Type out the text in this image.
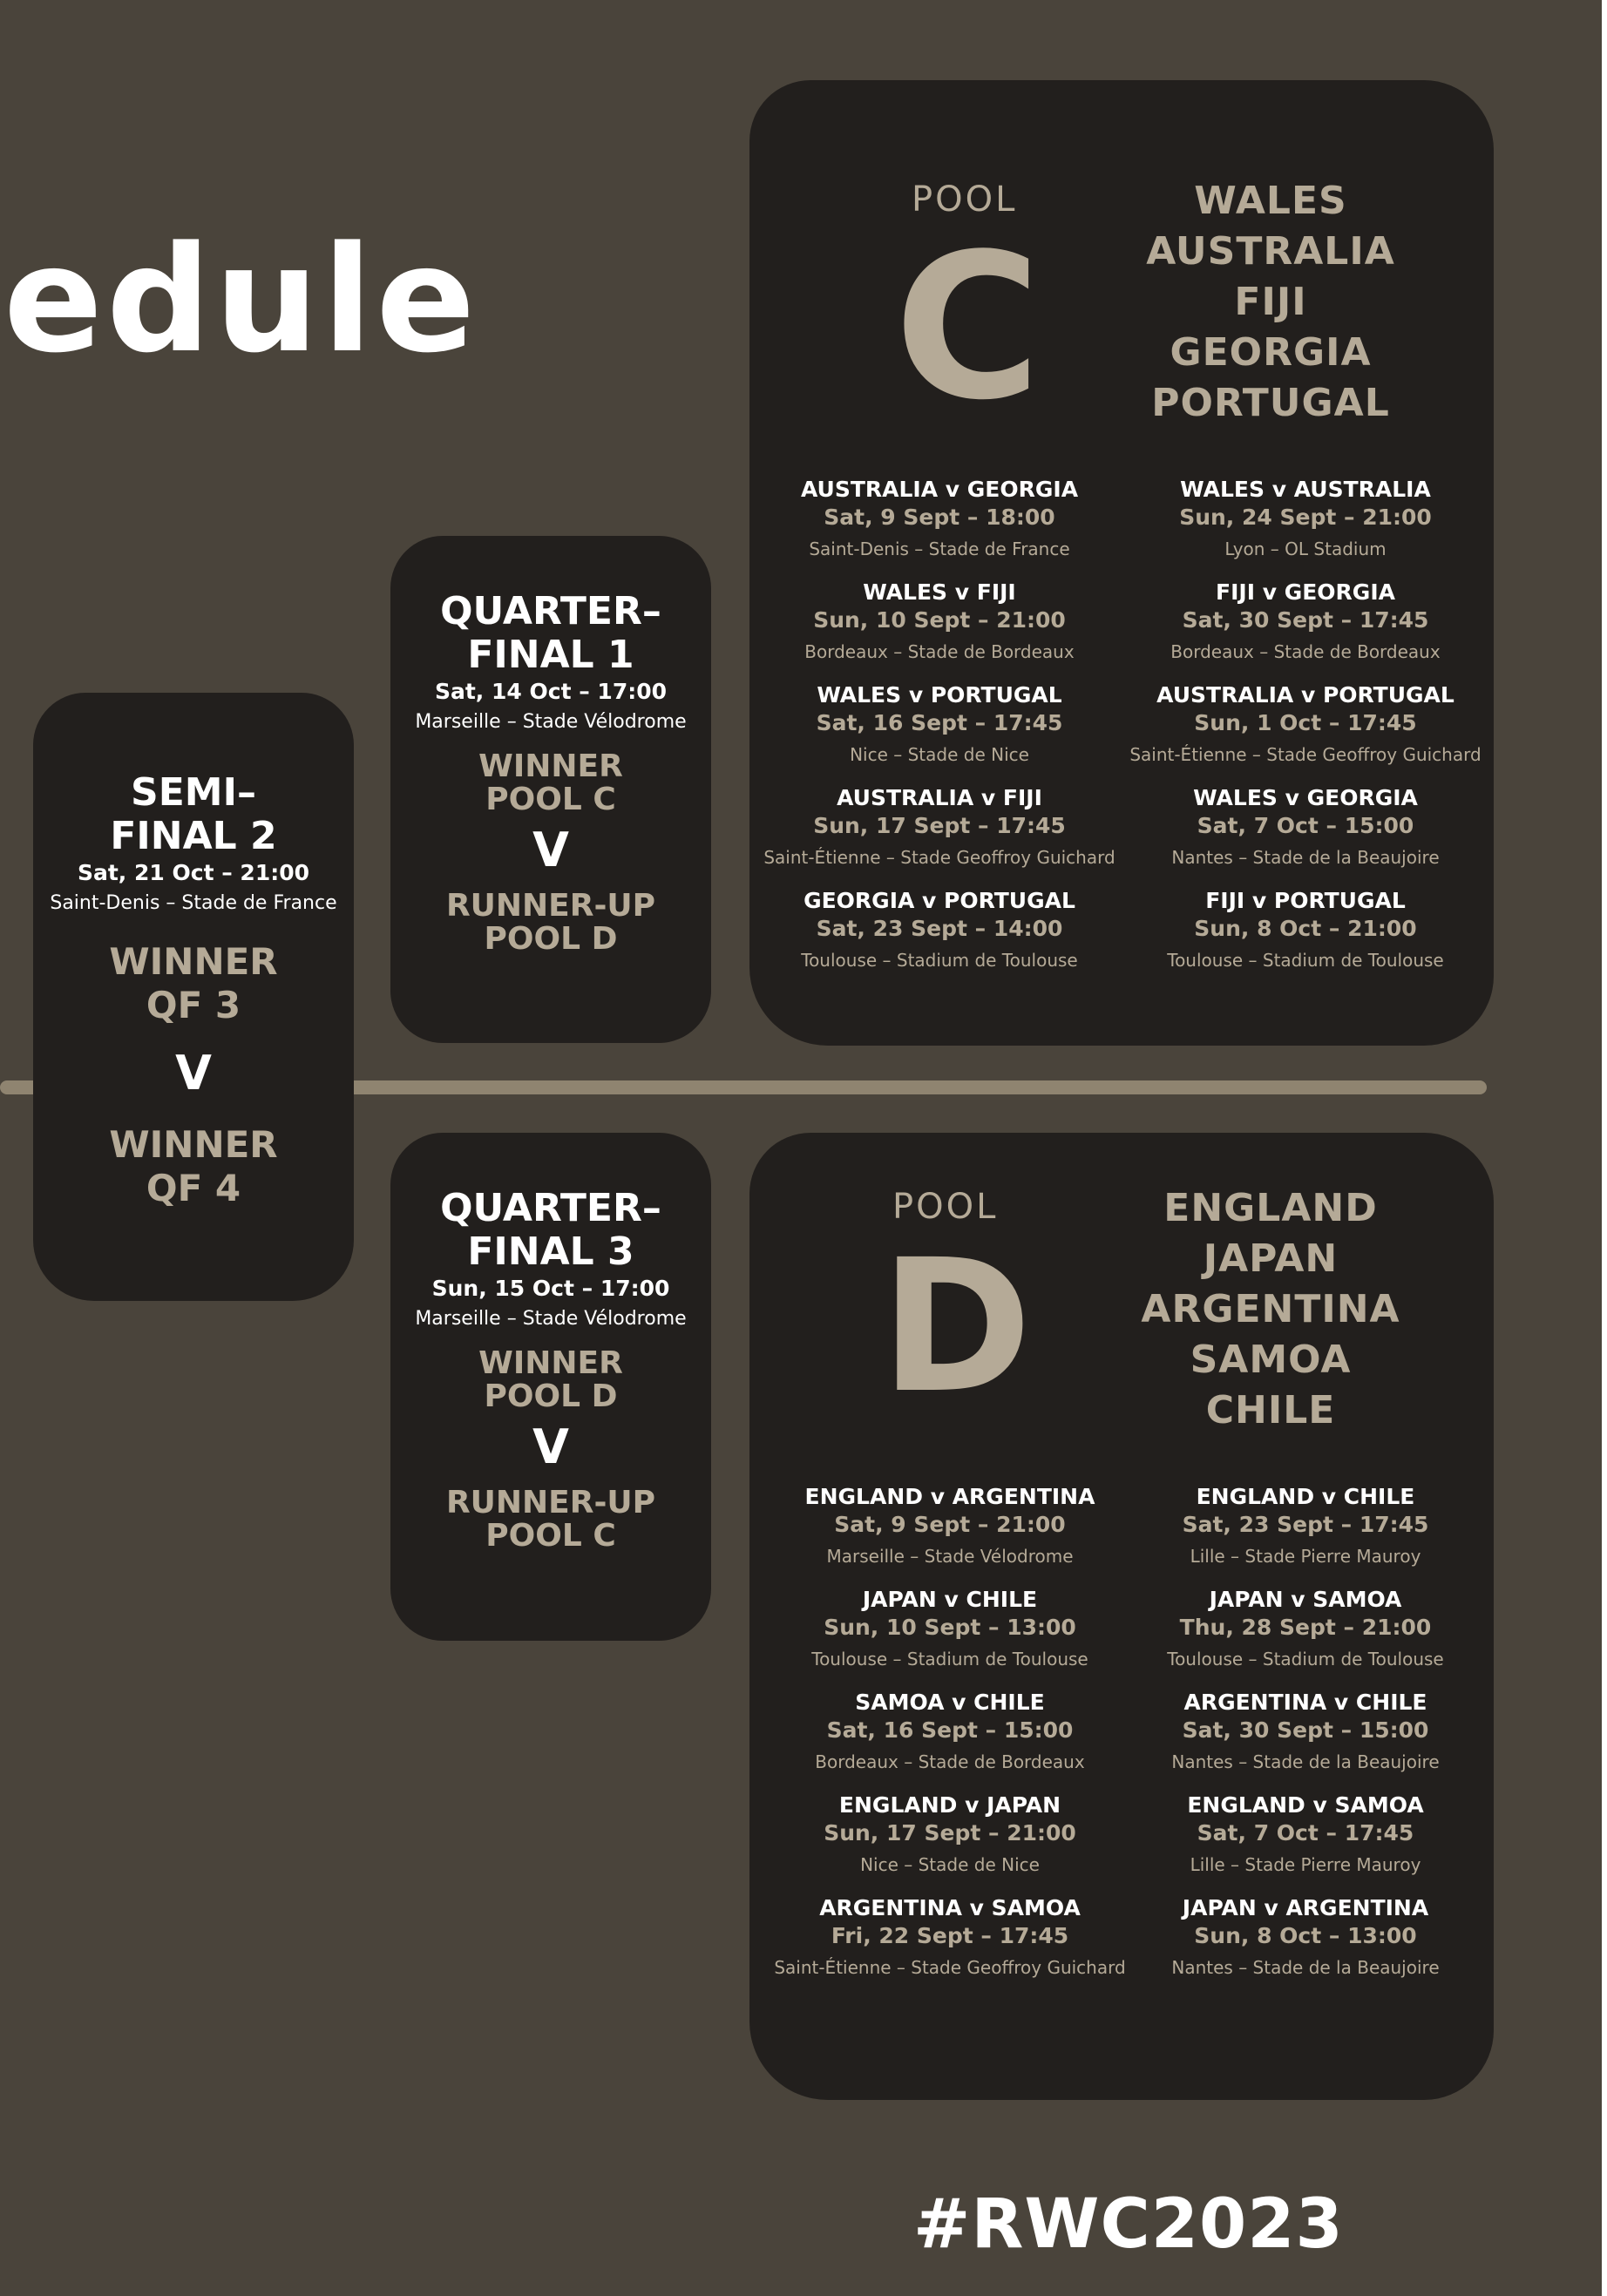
edule
POOL
C
WALES
AUSTRALIA
FIJI
GEORGIA
PORTUGAL
AUSTRALIA v GEORGIA
Sat, 9 Sept – 18:00
Saint-Denis – Stade de France
WALES v FIJI
Sun, 10 Sept – 21:00
Bordeaux – Stade de Bordeaux
WALES v PORTUGAL
Sat, 16 Sept – 17:45
Nice – Stade de Nice
AUSTRALIA v FIJI
Sun, 17 Sept – 17:45
Saint-Étienne – Stade Geoffroy Guichard
GEORGIA v PORTUGAL
Sat, 23 Sept – 14:00
Toulouse – Stadium de Toulouse
WALES v AUSTRALIA
Sun, 24 Sept – 21:00
Lyon – OL Stadium
FIJI v GEORGIA
Sat, 30 Sept – 17:45
Bordeaux – Stade de Bordeaux
AUSTRALIA v PORTUGAL
Sun, 1 Oct – 17:45
Saint-Étienne – Stade Geoffroy Guichard
WALES v GEORGIA
Sat, 7 Oct – 15:00
Nantes – Stade de la Beaujoire
FIJI v PORTUGAL
Sun, 8 Oct – 21:00
Toulouse – Stadium de Toulouse
POOL
D
ENGLAND
JAPAN
ARGENTINA
SAMOA
CHILE
ENGLAND v ARGENTINA
Sat, 9 Sept – 21:00
Marseille – Stade Vélodrome
JAPAN v CHILE
Sun, 10 Sept – 13:00
Toulouse – Stadium de Toulouse
SAMOA v CHILE
Sat, 16 Sept – 15:00
Bordeaux – Stade de Bordeaux
ENGLAND v JAPAN
Sun, 17 Sept – 21:00
Nice – Stade de Nice
ARGENTINA v SAMOA
Fri, 22 Sept – 17:45
Saint-Étienne – Stade Geoffroy Guichard
ENGLAND v CHILE
Sat, 23 Sept – 17:45
Lille – Stade Pierre Mauroy
JAPAN v SAMOA
Thu, 28 Sept – 21:00
Toulouse – Stadium de Toulouse
ARGENTINA v CHILE
Sat, 30 Sept – 15:00
Nantes – Stade de la Beaujoire
ENGLAND v SAMOA
Sat, 7 Oct – 17:45
Lille – Stade Pierre Mauroy
JAPAN v ARGENTINA
Sun, 8 Oct – 13:00
Nantes – Stade de la Beaujoire
QUARTER–
FINAL 1
Sat, 14 Oct – 17:00
Marseille – Stade Vélodrome
WINNER
POOL C
V
RUNNER-UP
POOL D
QUARTER–
FINAL 3
Sun, 15 Oct – 17:00
Marseille – Stade Vélodrome
WINNER
POOL D
V
RUNNER-UP
POOL C
SEMI–
FINAL 2
Sat, 21 Oct – 21:00
Saint-Denis – Stade de France
WINNER
QF 3
V
WINNER
QF 4
#RWC2023
